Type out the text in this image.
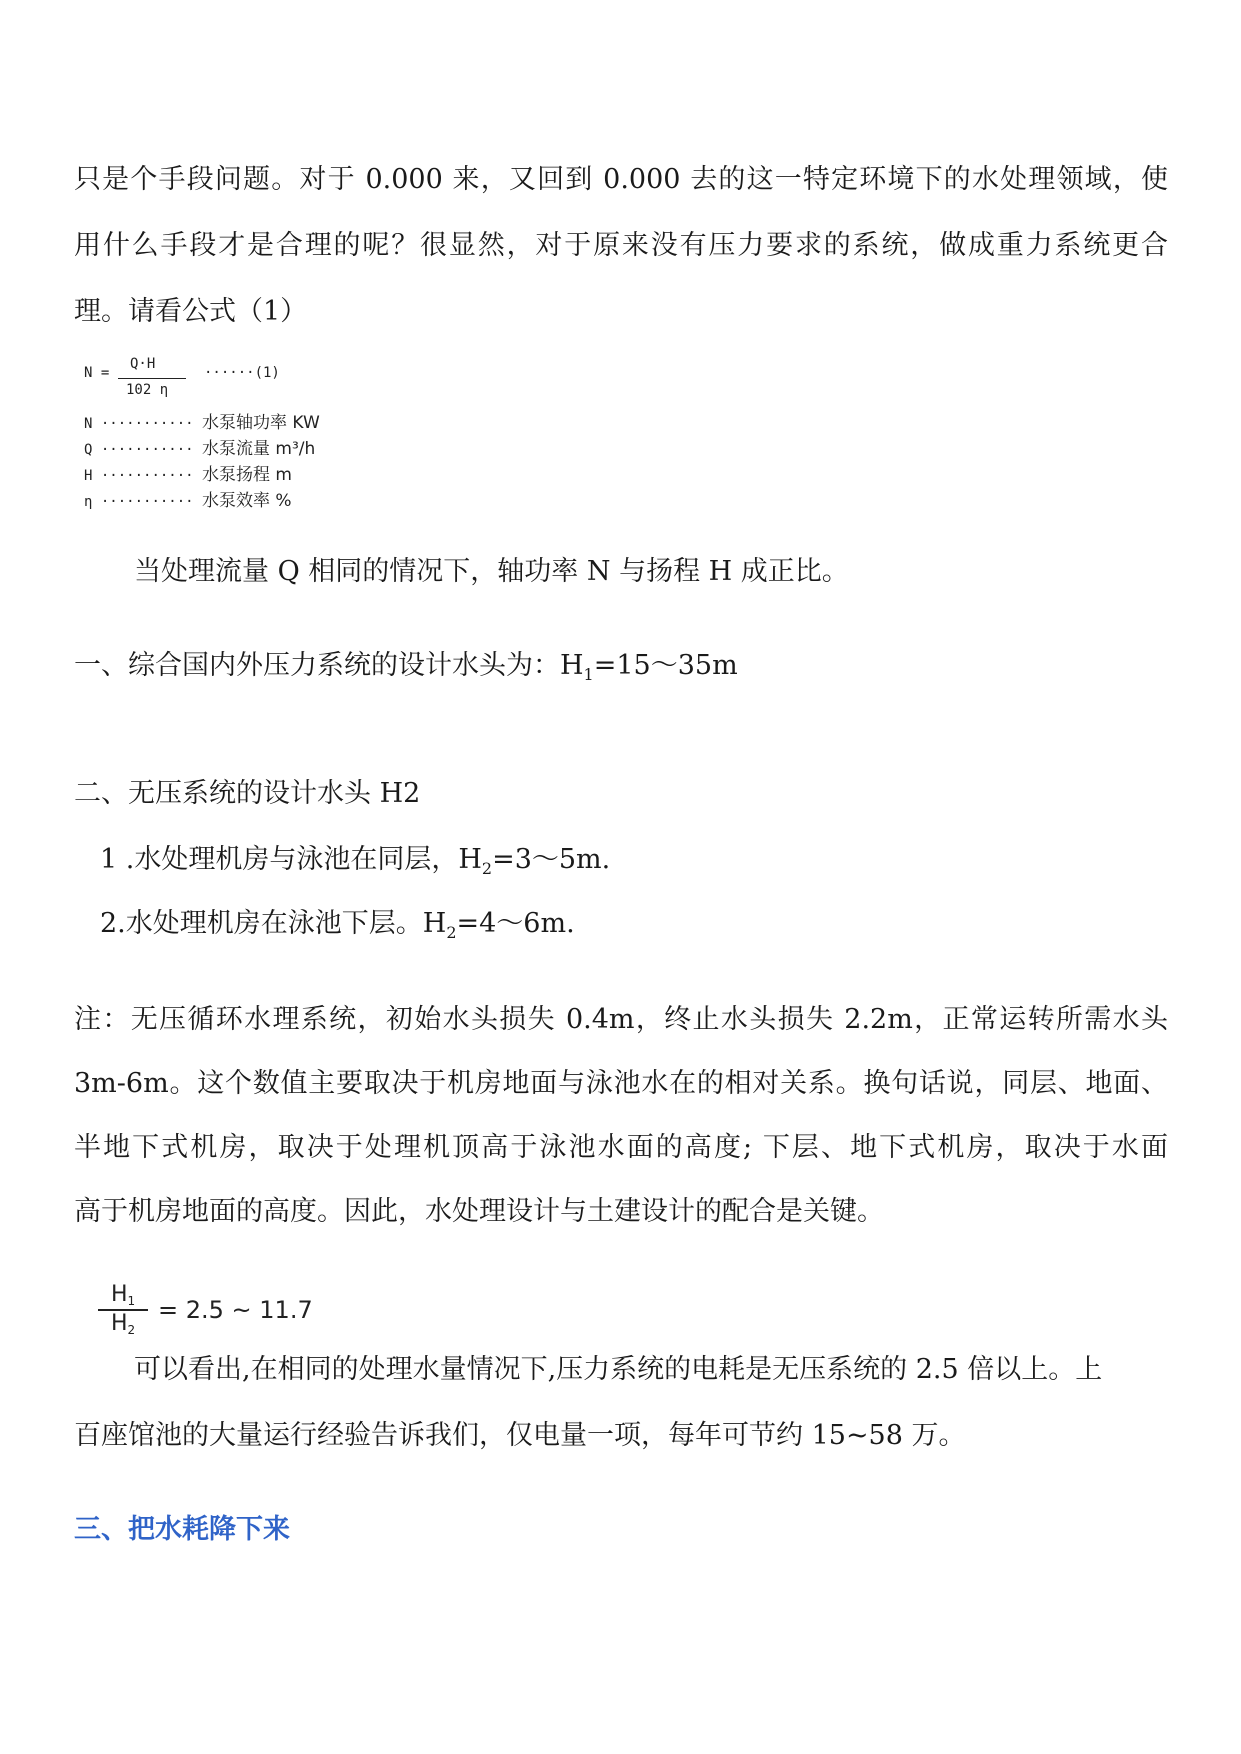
只是个手段问题。对于 0.000 来，又回到 0.000 去的这一特定环境下的水处理领域，使

用什么手段才是合理的呢？很显然，对于原来没有压力要求的系统，做成重力系统更合

理。请看公式（1）

N =
Q·H
102 η
······(1)
N ··········· 水泵轴功率 KW
Q ··········· 水泵流量 m³/h
H ··········· 水泵扬程 m
η ··········· 水泵效率 %

当处理流量 Q 相同的情况下，轴功率 N 与扬程 H 成正比。

一、综合国内外压力系统的设计水头为：$H_1=15\sim 35m$

二、无压系统的设计水头 H2

1 .水处理机房与泳池在同层，$H_2=3\sim 5m$.

2.水处理机房在泳池下层。$H_2=4\sim 6m$.

注：无压循环水理系统，初始水头损失 0.4m，终止水头损失 2.2m，正常运转所需水头

3m-6m。这个数值主要取决于机房地面与泳池水在的相对关系。换句话说，同层、地面、

半地下式机房，取决于处理机顶高于泳池水面的高度; 下层、地下式机房，取决于水面

高于机房地面的高度。因此，水处理设计与土建设计的配合是关键。

$H_1$
$H_2$
= 2.5 ~ 11.7

可以看出,在相同的处理水量情况下,压力系统的电耗是无压系统的 2.5 倍以上。上

百座馆池的大量运行经验告诉我们，仅电量一项，每年可节约 15~58 万。

三、把水耗降下来
